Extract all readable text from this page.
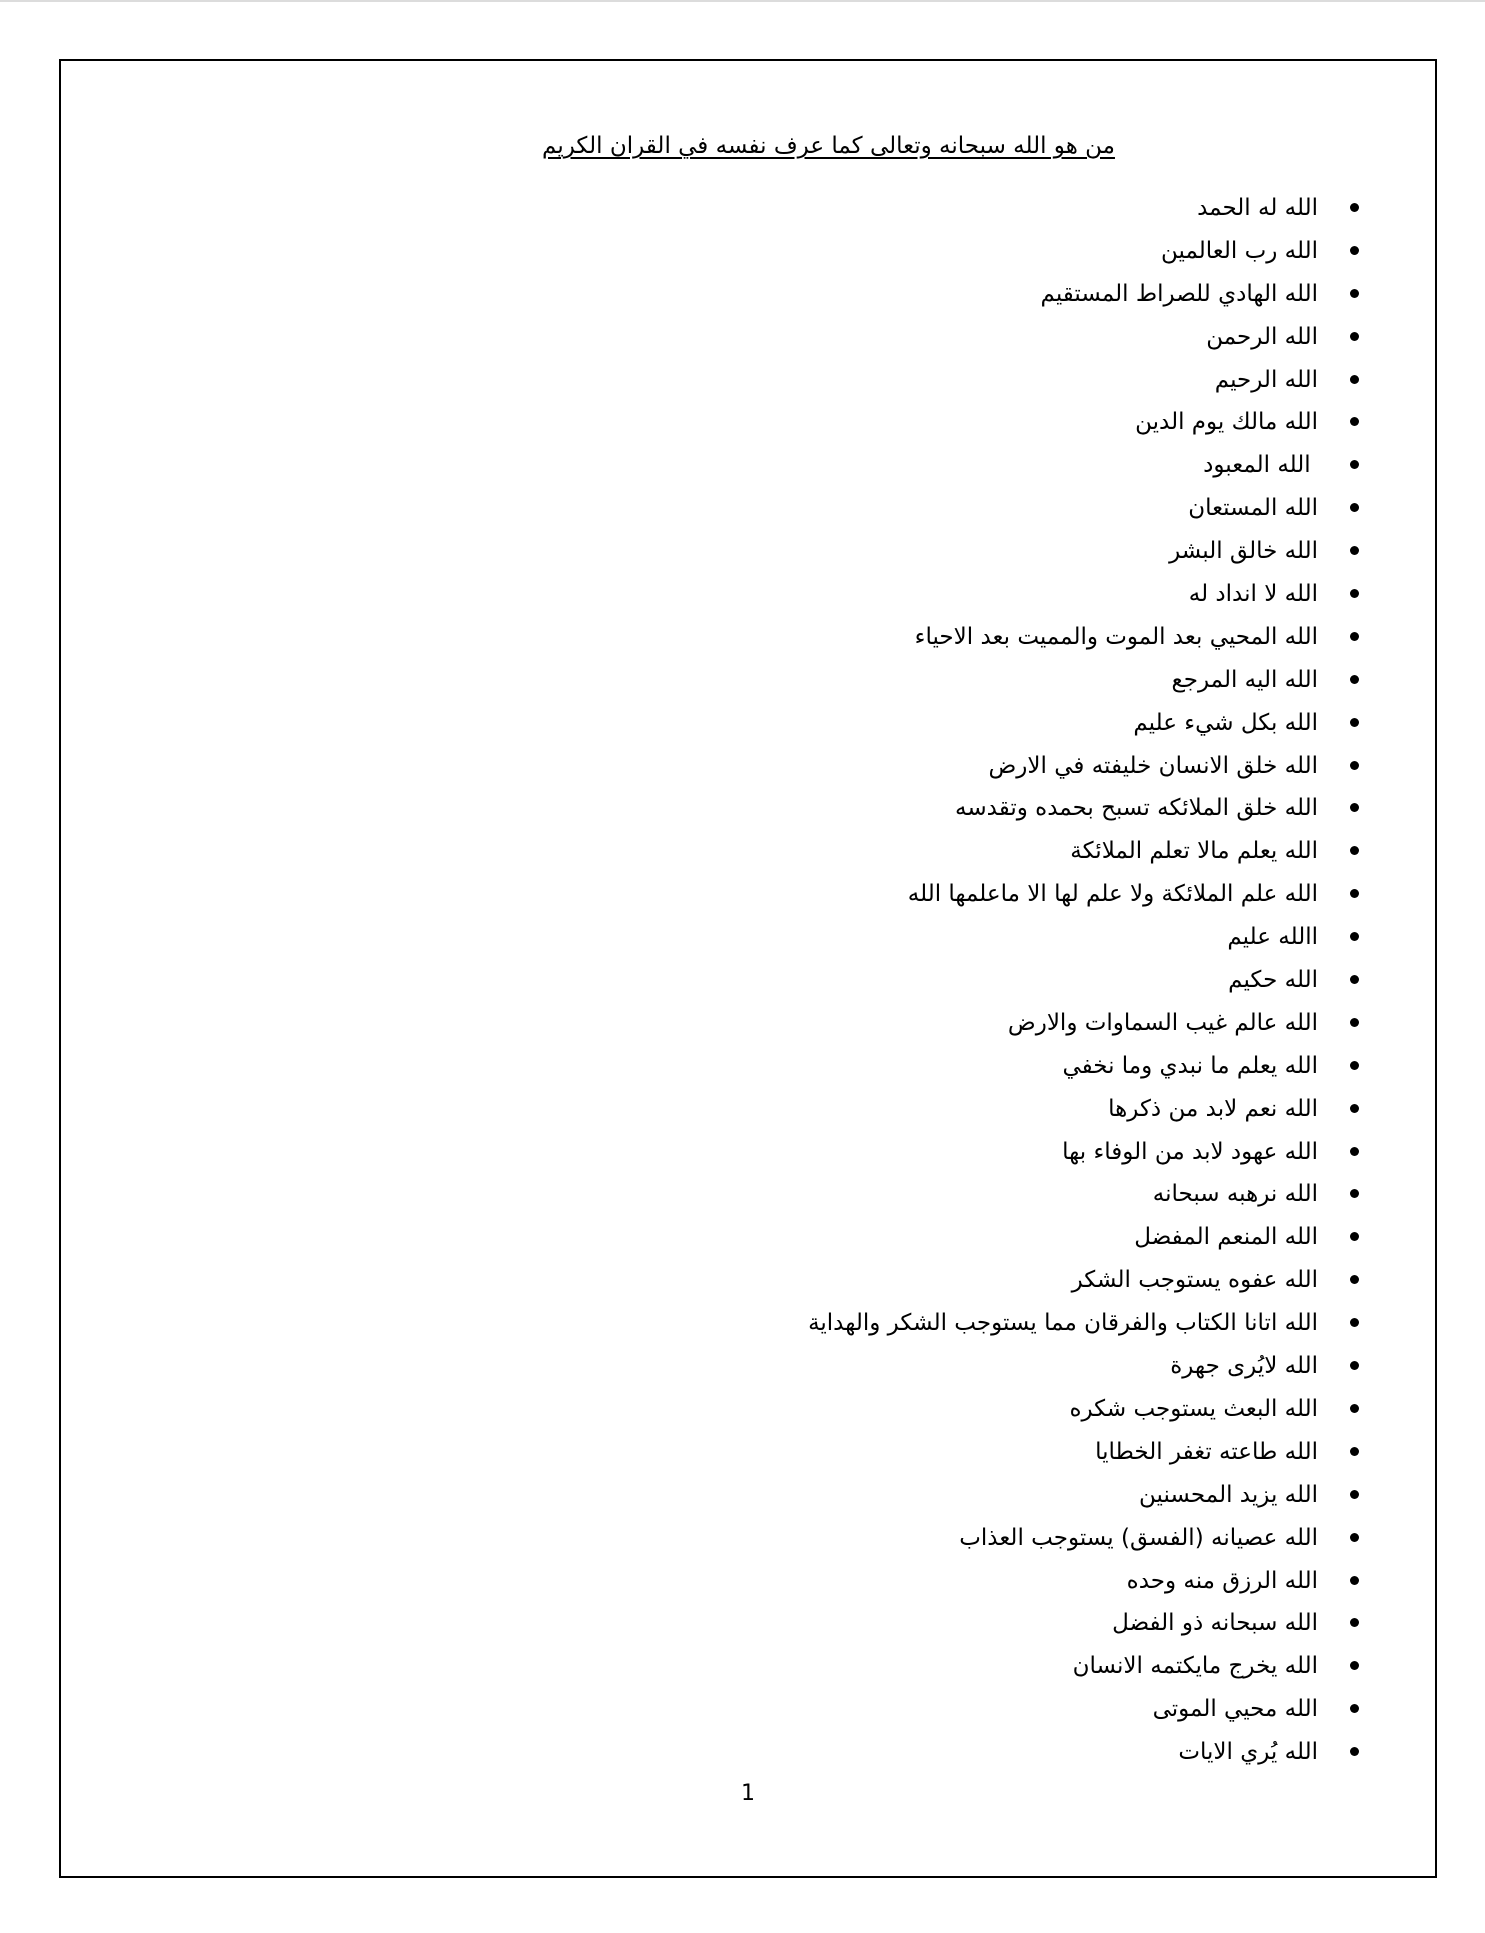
من هو الله سبحانه وتعالى كما عرف نفسه في القران الكريم
الله له الحمد
الله رب العالمين
الله الهادي للصراط المستقيم
الله الرحمن
الله الرحيم
الله مالك يوم الدين
الله المعبود
الله المستعان
الله خالق البشر
الله لا انداد له
الله المحيي بعد الموت والمميت بعد الاحياء
الله اليه المرجع
الله بكل شيء عليم
الله خلق الانسان خليفته في الارض
الله خلق الملائكه تسبح بحمده وتقدسه
الله يعلم مالا تعلم الملائكة
الله علم الملائكة ولا علم لها الا ماعلمها الله
االله عليم
الله حكيم
الله عالم غيب السماوات والارض
الله يعلم ما نبدي وما نخفي
الله نعم لابد من ذكرها
الله عهود لابد من الوفاء بها
الله نرهبه سبحانه
الله المنعم المفضل
الله عفوه يستوجب الشكر
الله اتانا الكتاب والفرقان مما يستوجب الشكر والهداية
الله لايُرى جهرة
الله البعث يستوجب شكره
الله طاعته تغفر الخطايا
الله يزيد المحسنين
الله عصيانه (الفسق) يستوجب العذاب
الله الرزق منه وحده
الله سبحانه ذو الفضل
الله يخرج مايكتمه الانسان
الله محيي الموتى
الله يُري الايات
1
